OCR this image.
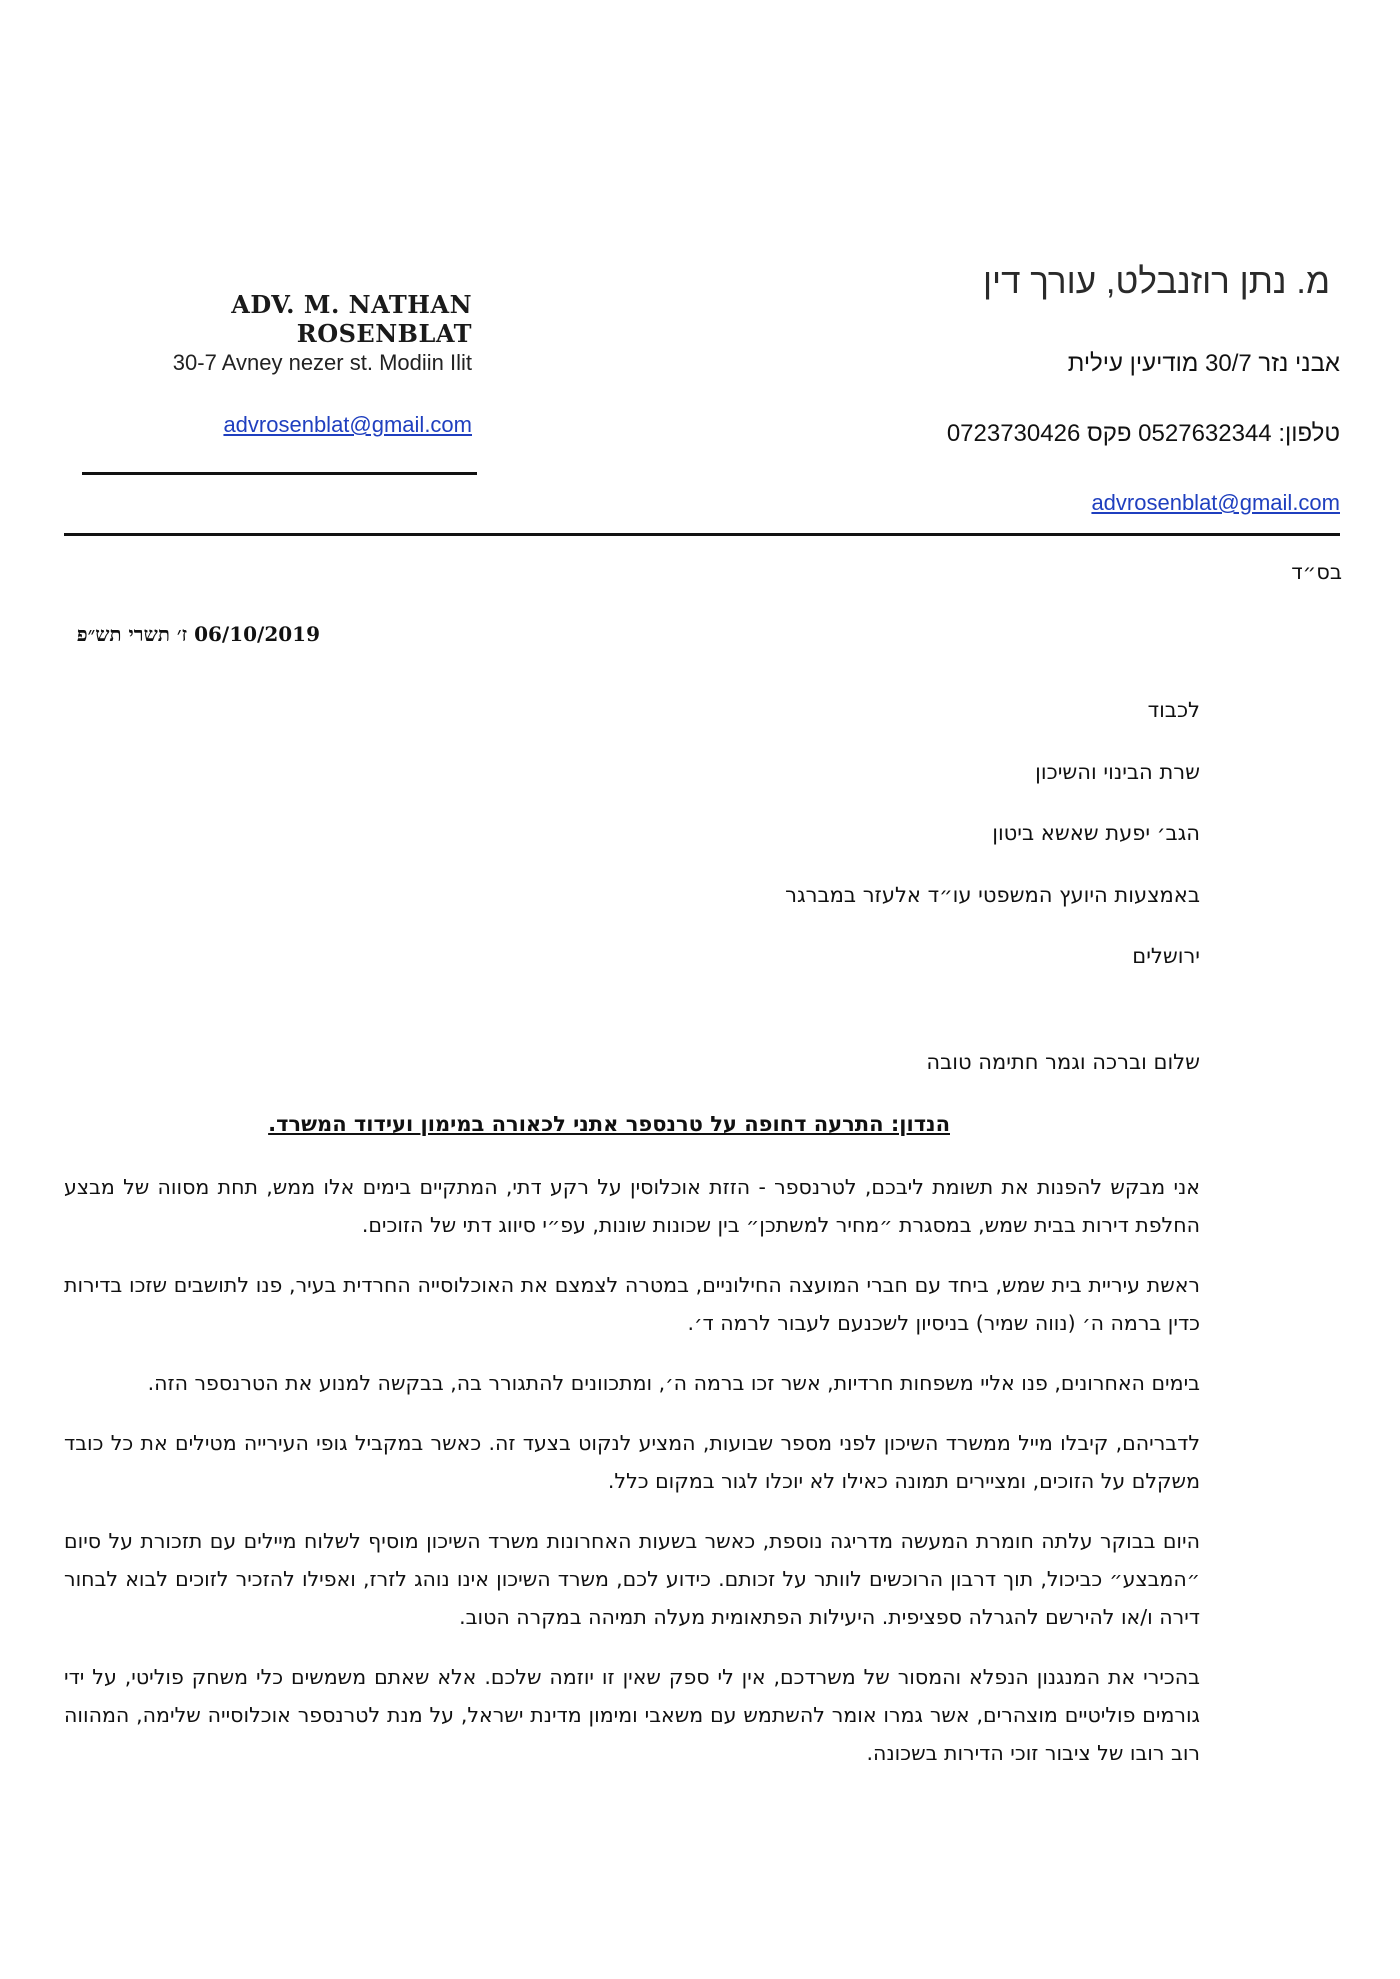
ADV. M. NATHAN ROSENBLAT
30-7 Avney nezer st. Modiin Ilit
advrosenblat@gmail.com
מ. נתן רוזנבלט, עורך דין
אבני נזר 30/7 מודיעין עילית
טלפון: 0527632344 פקס 0723730426
advrosenblat@gmail.com
בס״ד
06/10/2019 ז׳ תשרי תש״פ
לכבוד
שרת הבינוי והשיכון
הגב׳ יפעת שאשא ביטון
באמצעות היועץ המשפטי עו״ד אלעזר במברגר
ירושלים
שלום וברכה וגמר חתימה טובה
הנדון: התרעה דחופה על טרנספר אתני לכאורה במימון ועידוד המשרד.

אני מבקש להפנות את תשומת ליבכם, לטרנספר - הזזת אוכלוסין על רקע דתי, המתקיים בימים אלו ממש, תחת מסווה של מבצע החלפת דירות בבית שמש, במסגרת ״מחיר למשתכן״ בין שכונות שונות, עפ״י סיווג דתי של הזוכים.

ראשת עיריית בית שמש, ביחד עם חברי המועצה החילוניים, במטרה לצמצם את האוכלוסייה החרדית בעיר, פנו לתושבים שזכו בדירות כדין ברמה ה׳ (נווה שמיר) בניסיון לשכנעם לעבור לרמה ד׳.

בימים האחרונים, פנו אליי משפחות חרדיות, אשר זכו ברמה ה׳, ומתכוונים להתגורר בה, בבקשה למנוע את הטרנספר הזה.

לדבריהם, קיבלו מייל ממשרד השיכון לפני מספר שבועות, המציע לנקוט בצעד זה. כאשר במקביל גופי העירייה מטילים את כל כובד משקלם על הזוכים, ומציירים תמונה כאילו לא יוכלו לגור במקום כלל.

היום בבוקר עלתה חומרת המעשה מדריגה נוספת, כאשר בשעות האחרונות משרד השיכון מוסיף לשלוח מיילים עם תזכורת על סיום ״המבצע״ כביכול, תוך דרבון הרוכשים לוותר על זכותם. כידוע לכם, משרד השיכון אינו נוהג לזרז, ואפילו להזכיר לזוכים לבוא לבחור דירה ו/או להירשם להגרלה ספציפית. היעילות הפתאומית מעלה תמיהה במקרה הטוב.

בהכירי את המנגנון הנפלא והמסור של משרדכם, אין לי ספק שאין זו יוזמה שלכם. אלא שאתם משמשים כלי משחק פוליטי, על ידי גורמים פוליטיים מוצהרים, אשר גמרו אומר להשתמש עם משאבי ומימון מדינת ישראל, על מנת לטרנספר אוכלוסייה שלימה, המהווה רוב רובו של ציבור זוכי הדירות בשכונה.
